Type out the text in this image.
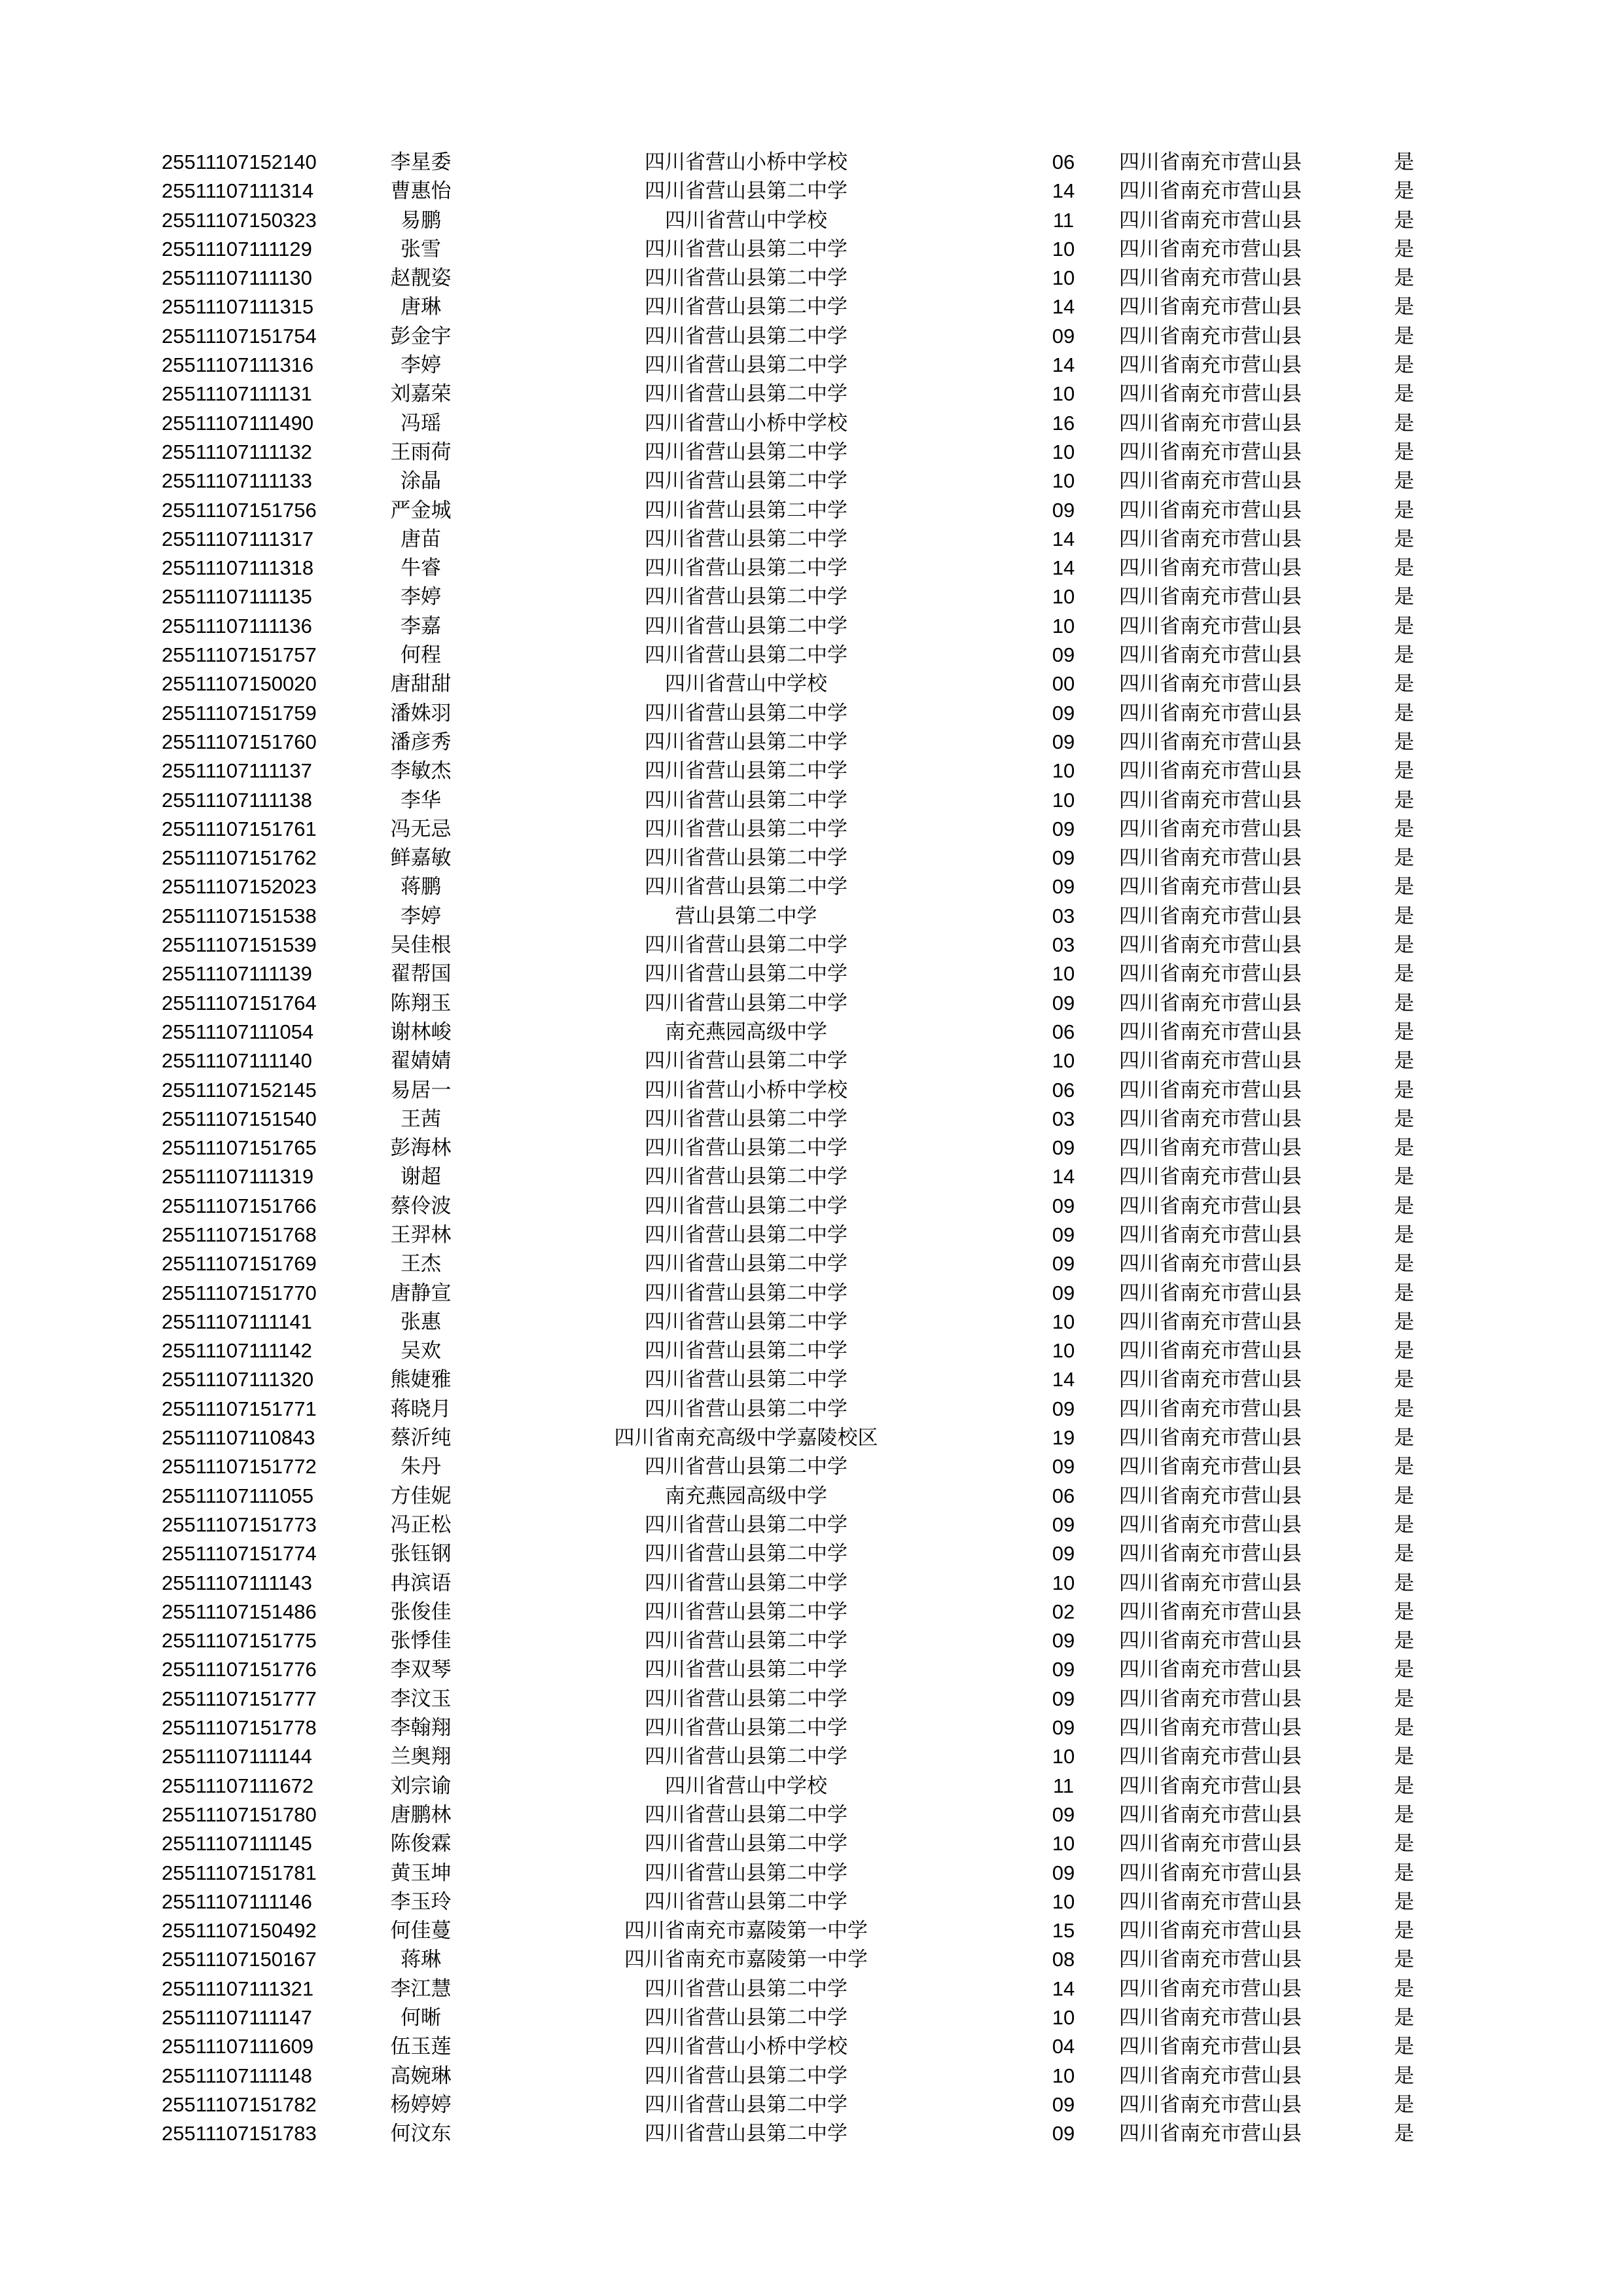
25511107152140	李星委	四川省营山小桥中学校	06 四川省南充市营山县	是
25511107111314	曹惠怡	四川省营山县第二中学	14 四川省南充市营山县	是
25511107150323	易鹏	四川省营山中学校	11 四川省南充市营山县	是
25511107111129	张雪	四川省营山县第二中学	10 四川省南充市营山县	是
25511107111130	赵靓姿	四川省营山县第二中学	10 四川省南充市营山县	是
25511107111315	唐琳	四川省营山县第二中学	14 四川省南充市营山县	是
25511107151754	彭金宇	四川省营山县第二中学	09 四川省南充市营山县	是
25511107111316	李婷	四川省营山县第二中学	14 四川省南充市营山县	是
25511107111131	刘嘉荣	四川省营山县第二中学	10 四川省南充市营山县	是
25511107111490	冯瑶	四川省营山小桥中学校	16 四川省南充市营山县	是
25511107111132	王雨荷	四川省营山县第二中学	10 四川省南充市营山县	是
25511107111133	涂晶	四川省营山县第二中学	10 四川省南充市营山县	是
25511107151756	严金城	四川省营山县第二中学	09 四川省南充市营山县	是
25511107111317	唐苗	四川省营山县第二中学	14 四川省南充市营山县	是
25511107111318	牛睿	四川省营山县第二中学	14 四川省南充市营山县	是
25511107111135	李婷	四川省营山县第二中学	10 四川省南充市营山县	是
25511107111136	李嘉	四川省营山县第二中学	10 四川省南充市营山县	是
25511107151757	何程	四川省营山县第二中学	09 四川省南充市营山县	是
25511107150020	唐甜甜	四川省营山中学校	00 四川省南充市营山县	是
25511107151759	潘姝羽	四川省营山县第二中学	09 四川省南充市营山县	是
25511107151760	潘彦秀	四川省营山县第二中学	09 四川省南充市营山县	是
25511107111137	李敏杰	四川省营山县第二中学	10 四川省南充市营山县	是
25511107111138	李华	四川省营山县第二中学	10 四川省南充市营山县	是
25511107151761	冯无忌	四川省营山县第二中学	09 四川省南充市营山县	是
25511107151762	鲜嘉敏	四川省营山县第二中学	09 四川省南充市营山县	是
25511107152023	蒋鹏	四川省营山县第二中学	09 四川省南充市营山县	是
25511107151538	李婷	营山县第二中学	03 四川省南充市营山县	是
25511107151539	吴佳根	四川省营山县第二中学	03 四川省南充市营山县	是
25511107111139	翟帮国	四川省营山县第二中学	10 四川省南充市营山县	是
25511107151764	陈翔玉	四川省营山县第二中学	09 四川省南充市营山县	是
25511107111054	谢林峻	南充燕园高级中学	06 四川省南充市营山县	是
25511107111140	翟婧婧	四川省营山县第二中学	10 四川省南充市营山县	是
25511107152145	易居一	四川省营山小桥中学校	06 四川省南充市营山县	是
25511107151540	王茜	四川省营山县第二中学	03 四川省南充市营山县	是
25511107151765	彭海林	四川省营山县第二中学	09 四川省南充市营山县	是
25511107111319	谢超	四川省营山县第二中学	14 四川省南充市营山县	是
25511107151766	蔡伶波	四川省营山县第二中学	09 四川省南充市营山县	是
25511107151768	王羿林	四川省营山县第二中学	09 四川省南充市营山县	是
25511107151769	王杰	四川省营山县第二中学	09 四川省南充市营山县	是
25511107151770	唐静宣	四川省营山县第二中学	09 四川省南充市营山县	是
25511107111141	张惠	四川省营山县第二中学	10 四川省南充市营山县	是
25511107111142	吴欢	四川省营山县第二中学	10 四川省南充市营山县	是
25511107111320	熊婕雅	四川省营山县第二中学	14 四川省南充市营山县	是
25511107151771	蒋晓月	四川省营山县第二中学	09 四川省南充市营山县	是
25511107110843	蔡沂纯	四川省南充高级中学嘉陵校区	19 四川省南充市营山县	是
25511107151772	朱丹	四川省营山县第二中学	09 四川省南充市营山县	是
25511107111055	方佳妮	南充燕园高级中学	06 四川省南充市营山县	是
25511107151773	冯正松	四川省营山县第二中学	09 四川省南充市营山县	是
25511107151774	张钰钢	四川省营山县第二中学	09 四川省南充市营山县	是
25511107111143	冉滨语	四川省营山县第二中学	10 四川省南充市营山县	是
25511107151486	张俊佳	四川省营山县第二中学	02 四川省南充市营山县	是
25511107151775	张悸佳	四川省营山县第二中学	09 四川省南充市营山县	是
25511107151776	李双琴	四川省营山县第二中学	09 四川省南充市营山县	是
25511107151777	李汶玉	四川省营山县第二中学	09 四川省南充市营山县	是
25511107151778	李翰翔	四川省营山县第二中学	09 四川省南充市营山县	是
25511107111144	兰奥翔	四川省营山县第二中学	10 四川省南充市营山县	是
25511107111672	刘宗谕	四川省营山中学校	11 四川省南充市营山县	是
25511107151780	唐鹏林	四川省营山县第二中学	09 四川省南充市营山县	是
25511107111145	陈俊霖	四川省营山县第二中学	10 四川省南充市营山县	是
25511107151781	黄玉坤	四川省营山县第二中学	09 四川省南充市营山县	是
25511107111146	李玉玲	四川省营山县第二中学	10 四川省南充市营山县	是
25511107150492	何佳蔓	四川省南充市嘉陵第一中学	15 四川省南充市营山县	是
25511107150167	蒋琳	四川省南充市嘉陵第一中学	08 四川省南充市营山县	是
25511107111321	李江慧	四川省营山县第二中学	14 四川省南充市营山县	是
25511107111147	何晰	四川省营山县第二中学	10 四川省南充市营山县	是
25511107111609	伍玉莲	四川省营山小桥中学校	04 四川省南充市营山县	是
25511107111148	高婉琳	四川省营山县第二中学	10 四川省南充市营山县	是
25511107151782	杨婷婷	四川省营山县第二中学	09 四川省南充市营山县	是
25511107151783	何汶东	四川省营山县第二中学	09 四川省南充市营山县	是
